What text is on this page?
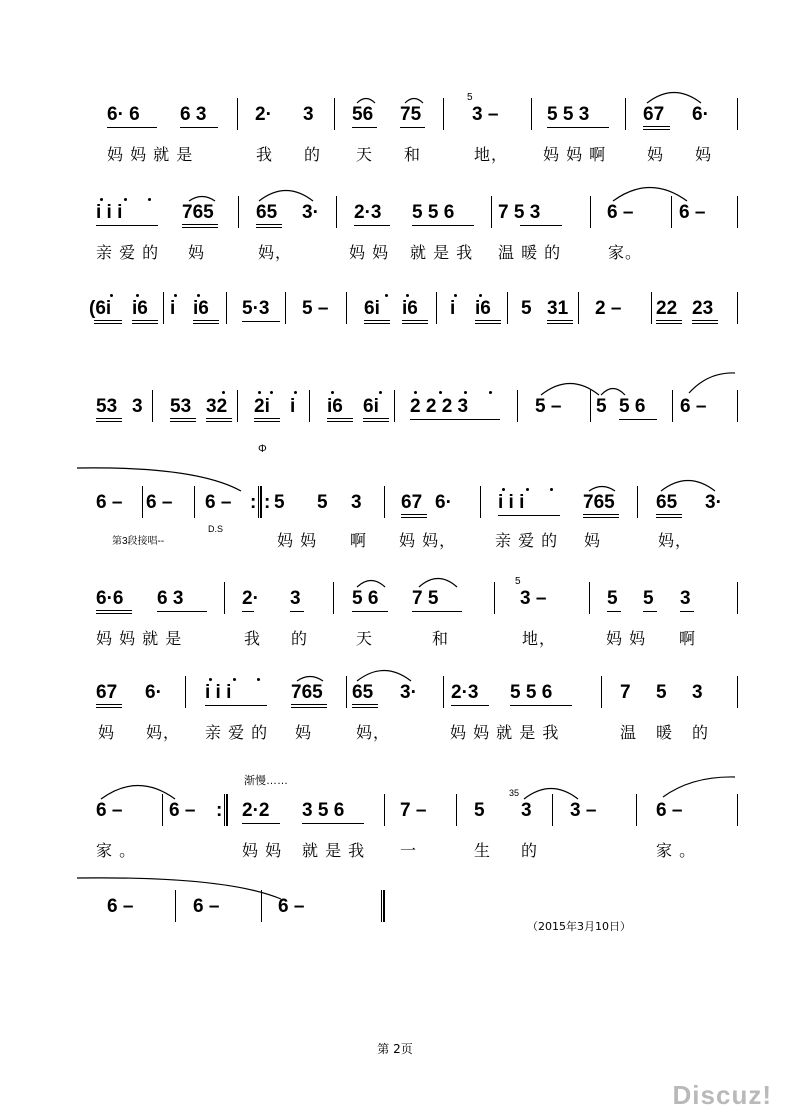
6· 6 6 3	2· 3 56 75
5
3 –	5 5 3	67 6·
妈 妈 就 是	我 的 天 和	地， 妈 妈 啊	妈 妈
i i i	765 65 3· 2·3 5 5 6 7 5 3	6 – 6 –
亲 爱 的 妈	妈，	妈 妈 就 是 我 温 暖 的	家。
(6i i6 i i6 5·3 5 – 6i i6 i i6 5 31 2 – 22 23
53 3 53 32 2i i i6 6i 2 2 2 3	5 – 5 5 6 6 –
Φ
6 – 6 – 6 – : : 5 5 3 67 6· i i i	765 65 3·
第3段接唱--
D.S
妈 妈 啊 妈 妈， 亲 爱 的 妈	妈，
6·6 6 3	2· 3	5 6 7 5
5
3 –	5 5 3
妈 妈 就 是	我 的	天	和	地，	妈 妈 啊
67 6· i i i	765 65 3· 2·3 5 5 6	7 5 3
妈 妈， 亲 爱 的 妈	妈，	妈 妈 就 是 我	温 暖 的
渐慢……
6 – 6 – : 2·2 3 5 6	7 –	5
35
3 3 –	6 –
家 。	妈 妈 就 是 我 一	生 的	家 。
6 –	6 –	6 –
（2015年3月10日）
第 2页
Discuz!
